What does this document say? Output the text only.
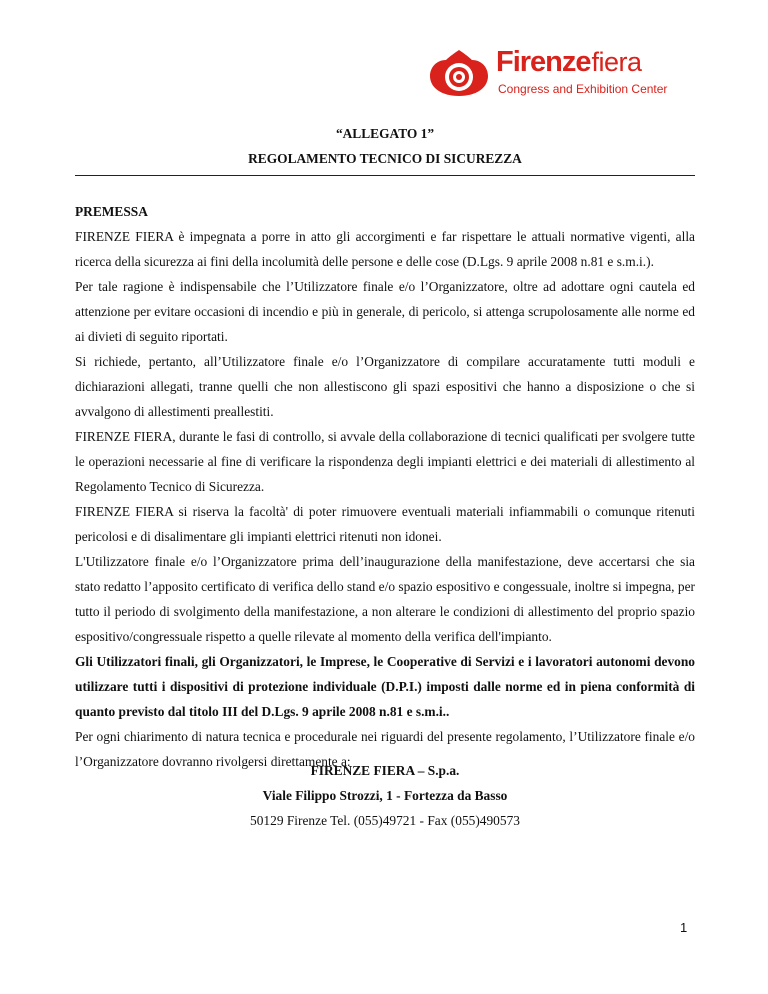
Firenzefiera
Congress and Exhibition Center
“ALLEGATO 1”
REGOLAMENTO TECNICO DI SICUREZZA

PREMESSA

FIRENZE FIERA è impegnata a porre in atto gli accorgimenti e far rispettare le attuali normative vigenti, alla ricerca della sicurezza ai fini della incolumità delle persone e delle cose (D.Lgs. 9 aprile 2008 n.81 e s.m.i.).

Per tale ragione è indispensabile che l’Utilizzatore finale e/o l’Organizzatore, oltre ad adottare ogni cautela ed attenzione per evitare occasioni di incendio e più in generale, di pericolo, si attenga scrupolosamente alle norme ed ai divieti di seguito riportati.

Si richiede, pertanto, all’Utilizzatore finale e/o l’Organizzatore di compilare accuratamente tutti moduli e dichiarazioni allegati, tranne quelli che non allestiscono gli spazi espositivi che hanno a disposizione o che si avvalgono di allestimenti preallestiti.

FIRENZE FIERA, durante le fasi di controllo, si avvale della collaborazione di tecnici qualificati per svolgere tutte le operazioni necessarie al fine di verificare la rispondenza degli impianti elettrici e dei materiali di allestimento al Regolamento Tecnico di Sicurezza.

FIRENZE FIERA si riserva la facoltà' di poter rimuovere eventuali materiali infiammabili o comunque ritenuti pericolosi e di disalimentare gli impianti elettrici ritenuti non idonei.

L'Utilizzatore finale e/o l’Organizzatore prima dell’inaugurazione della manifestazione, deve accertarsi che sia stato redatto l’apposito certificato di verifica dello stand e/o spazio espositivo e congessuale, inoltre si impegna, per tutto il periodo di svolgimento della manifestazione, a non alterare le condizioni di allestimento del proprio spazio espositivo/congressuale rispetto a quelle rilevate al momento della verifica dell'impianto.

Gli Utilizzatori finali, gli Organizzatori, le Imprese, le Cooperative di Servizi e i lavoratori autonomi devono utilizzare tutti i dispositivi di protezione individuale (D.P.I.) imposti dalle norme ed in piena conformità di quanto previsto dal titolo III del D.Lgs. 9 aprile 2008 n.81 e s.m.i..

Per ogni chiarimento di natura tecnica e procedurale nei riguardi del presente regolamento, l’Utilizzatore finale e/o l’Organizzatore dovranno rivolgersi direttamente a:

FIRENZE FIERA – S.p.a.
Viale Filippo Strozzi, 1 - Fortezza da Basso
50129 Firenze Tel. (055)49721 - Fax (055)490573
1
